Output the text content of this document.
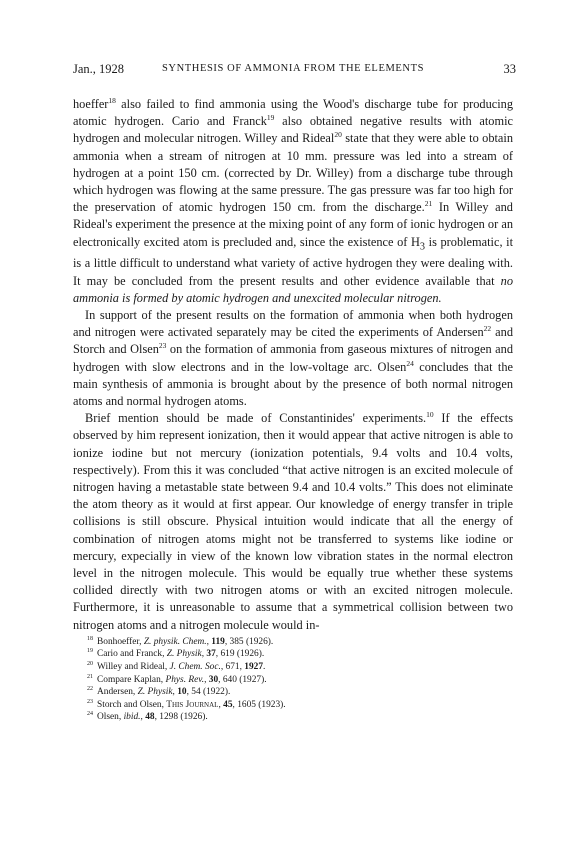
Jan., 1928	SYNTHESIS OF AMMONIA FROM THE ELEMENTS	33

hoeffer$^{18}$ also failed to find ammonia using the Wood's discharge tube for producing atomic hydrogen. Cario and Franck$^{19}$ also obtained negative results with atomic hydrogen and molecular nitrogen. Willey and Rideal$^{20}$ state that they were able to obtain ammonia when a stream of nitrogen at 10 mm. pressure was led into a stream of hydrogen at a point 150 cm. (corrected by Dr. Willey) from a discharge tube through which hydrogen was flowing at the same pressure. The gas pressure was far too high for the preservation of atomic hydrogen 150 cm. from the discharge.$^{21}$ In Willey and Rideal's experiment the presence at the mixing point of any form of ionic hydrogen or an electronically excited atom is precluded and, since the existence of $H_3$ is problematic, it is a little difficult to understand what variety of active hydrogen they were dealing with. It may be concluded from the present results and other evidence available that no ammonia is formed by atomic hydrogen and unexcited molecular nitrogen.

In support of the present results on the formation of ammonia when both hydrogen and nitrogen were activated separately may be cited the experiments of Andersen$^{22}$ and Storch and Olsen$^{23}$ on the formation of ammonia from gaseous mixtures of nitrogen and hydrogen with slow electrons and in the low-voltage arc. Olsen$^{24}$ concludes that the main synthesis of ammonia is brought about by the presence of both normal nitrogen atoms and normal hydrogen atoms.

Brief mention should be made of Constantinides' experiments.$^{10}$ If the effects observed by him represent ionization, then it would appear that active nitrogen is able to ionize iodine but not mercury (ionization potentials, 9.4 volts and 10.4 volts, respectively). From this it was concluded “that active nitrogen is an excited molecule of nitrogen having a metastable state between 9.4 and 10.4 volts.” This does not eliminate the atom theory as it would at first appear. Our knowledge of energy transfer in triple collisions is still obscure. Physical intuition would indicate that all the energy of combination of nitrogen atoms might not be transferred to systems like iodine or mercury, expecially in view of the known low vibration states in the normal electron level in the nitrogen molecule. This would be equally true whether these systems collided directly with two nitrogen atoms or with an excited nitrogen molecule. Furthermore, it is unreasonable to assume that a symmetrical collision between two nitrogen atoms and a nitrogen molecule would in-

$^{18}$ Bonhoeffer, Z. physik. Chem., 119, 385 (1926).
$^{19}$ Cario and Franck, Z. Physik, 37, 619 (1926).
$^{20}$ Willey and Rideal, J. Chem. Soc., 671, 1927.
$^{21}$ Compare Kaplan, Phys. Rev., 30, 640 (1927).
$^{22}$ Andersen, Z. Physik, 10, 54 (1922).
$^{23}$ Storch and Olsen, This Journal, 45, 1605 (1923).
$^{24}$ Olsen, ibid., 48, 1298 (1926).
